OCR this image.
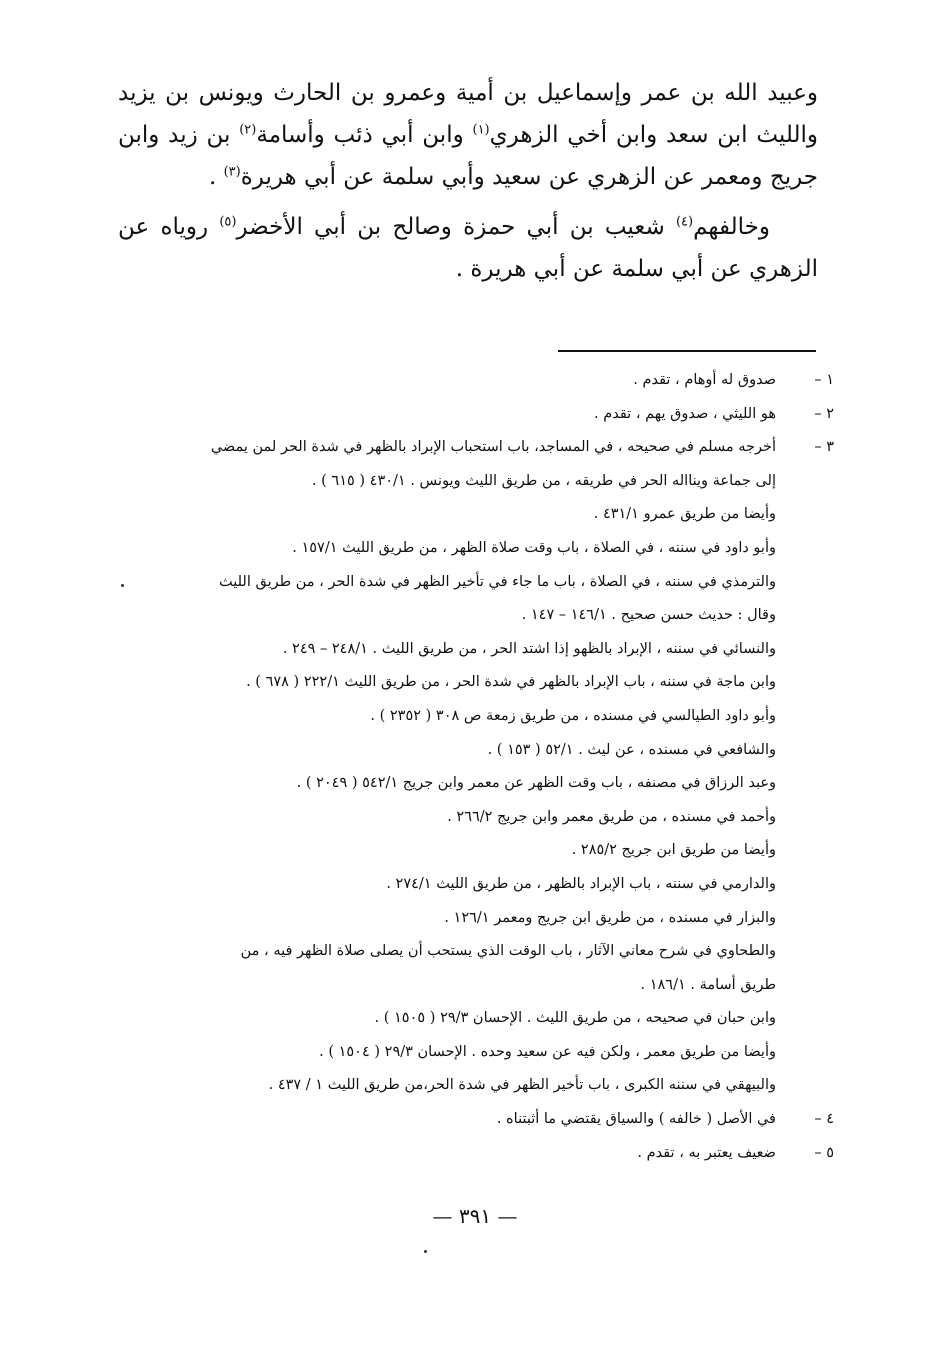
وعبيد الله بن عمر وإسماعيل بن أمية وعمرو بن الحارث ويونس بن يزيد والليث ابن سعد وابن أخي الزهري$^{(١)}$ وابن أبي ذئب وأسامة$^{(٢)}$ بن زيد وابن جريج ومعمر عن الزهري عن سعيد وأبي سلمة عن أبي هريرة$^{(٣)}$ .

وخالفهم$^{(٤)}$ شعيب بن أبي حمزة وصالح بن أبي الأخضر$^{(٥)}$ روياه عن الزهري عن أبي سلمة عن أبي هريرة .

١ –
صدوق له أوهام ، تقدم .
٢ –
هو الليثي ، صدوق يهم ، تقدم .
٣ –
أخرجه مسلم في صحيحه ، في المساجد، باب استحباب الإبراد بالظهر في شدة الحر لمن يمضي
إلى جماعة وينااله الحر في طريقه ، من طريق الليث ويونس . ٤٣٠/١ ( ٦١٥ ) .
وأيضا من طريق عمرو ٤٣١/١ .
وأبو داود في سننه ، في الصلاة ، باب وقت صلاة الظهر ، من طريق الليث ١٥٧/١ .
والترمذي في سننه ، في الصلاة ، باب ما جاء في تأخير الظهر في شدة الحر ، من طريق الليث
وقال : حديث حسن صحيح . ١٤٦/١ – ١٤٧ .
والنسائي في سننه ، الإبراد بالظهو إذا اشتد الحر ، من طريق الليث . ٢٤٨/١ – ٢٤٩ .
وابن ماجة في سننه ، باب الإبراد بالظهر في شدة الحر ، من طريق الليث ٢٢٢/١ ( ٦٧٨ ) .
وأبو داود الطيالسي في مسنده ، من طريق زمعة ص ٣٠٨ ( ٢٣٥٢ ) .
والشافعي في مسنده ، عن ليث . ٥٢/١ ( ١٥٣ ) .
وعبد الرزاق في مصنفه ، باب وقت الظهر عن معمر وابن جريج ٥٤٢/١ ( ٢٠٤٩ ) .
وأحمد في مسنده ، من طريق معمر وابن جريج ٢٦٦/٢ .
وأيضا من طريق ابن جريج ٢٨٥/٢ .
والدارمي في سننه ، باب الإبراد بالظهر ، من طريق الليث ٢٧٤/١ .
والبزار في مسنده ، من طريق ابن جريج ومعمر ١٢٦/١ .
والطحاوي في شرح معاني الآثار ، باب الوقت الذي يستحب أن يصلى صلاة الظهر فيه ، من
طريق أسامة . ١٨٦/١ .
وابن حبان في صحيحه ، من طريق الليث . الإحسان ٢٩/٣ ( ١٥٠٥ ) .
وأيضا من طريق معمر ، ولكن فيه عن سعيد وحده . الإحسان ٢٩/٣ ( ١٥٠٤ ) .
والبيهقي في سننه الكبرى ، باب تأخير الظهر في شدة الحر،من طريق الليث ١ / ٤٣٧ .
٤ –
في الأصل ( خالفه ) والسياق يقتضي ما أثبتناه .
٥ –
ضعيف يعتبر به ، تقدم .
— ٣٩١ —
